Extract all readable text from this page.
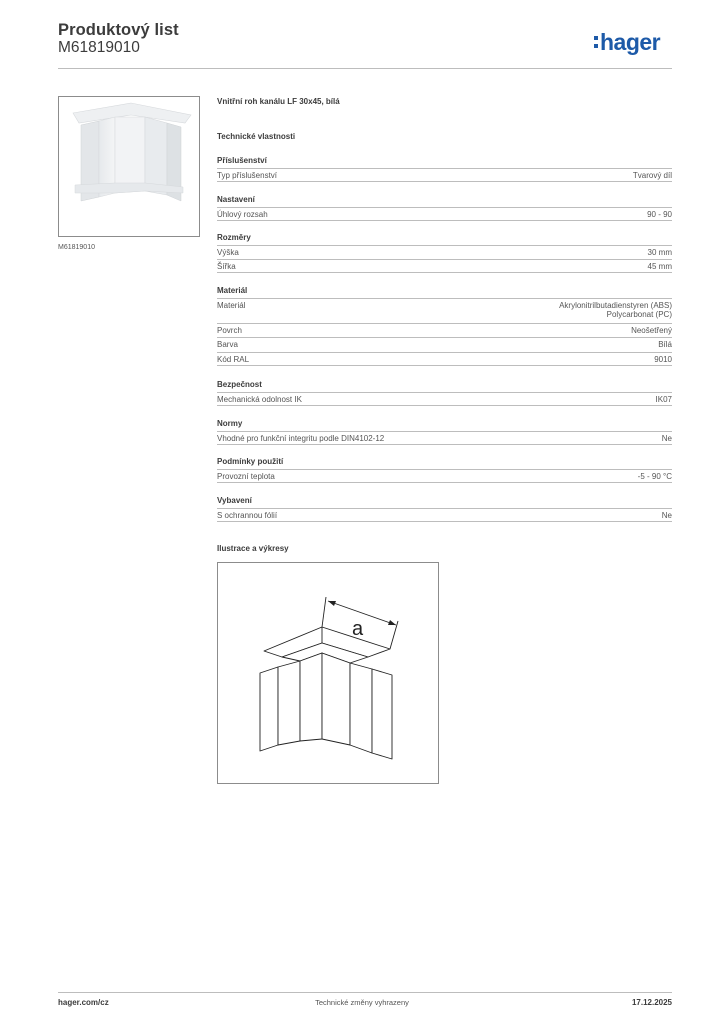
Produktový list
M61819010	hager
M61819010
Vnitřní roh kanálu LF 30x45, bílá
Technické vlastnosti
Příslušenství
Typ příslušenství	Tvarový díl
Nastavení
Úhlový rozsah	90 - 90
Rozměry
Výška	30 mm
Šířka	45 mm
Materiál
Materiál	Akrylonitrilbutadienstyren (ABS)
Polycarbonat (PC)
Povrch	Neošetřený
Barva	Bílá
Kód RAL	9010
Bezpečnost
Mechanická odolnost IK	IK07
Normy
Vhodné pro funkční integritu podle DIN4102-12	Ne
Podmínky použití
Provozní teplota	-5 - 90 °C
Vybavení
S ochrannou fólií	Ne
Ilustrace a výkresy
a
hager.com/cz	Technické změny vyhrazeny	17.12.2025
